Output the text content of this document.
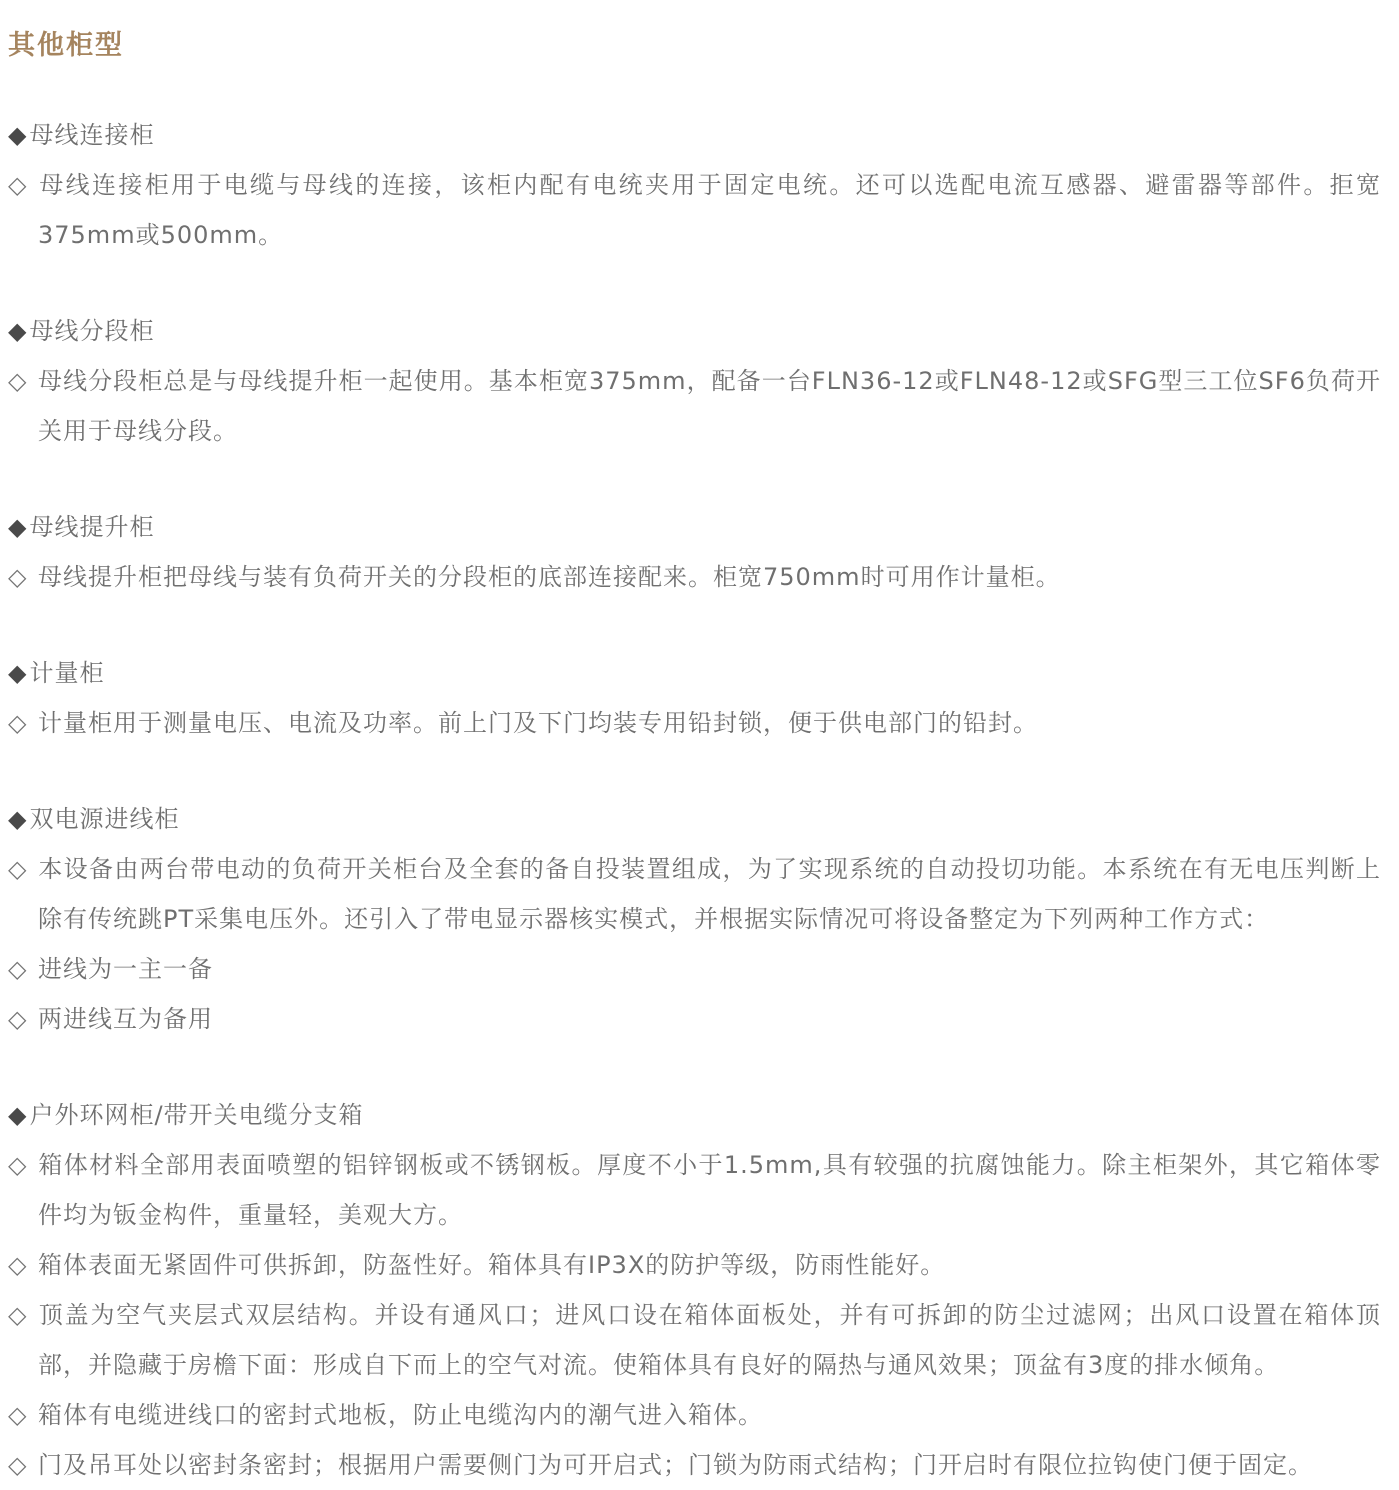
其他柜型
◆母线连接柜

◇ 母线连接柜用于电缆与母线的连接，该柜内配有电统夹用于固定电统。还可以选配电流互感器、避雷器等部件。拒宽375mm或500mm。

◆母线分段柜

◇ 母线分段柜总是与母线提升柜一起使用。基本柜宽375mm，配备一台FLN36-12或FLN48-12或SFG型三工位SF6负荷开关用于母线分段。

◆母线提升柜

◇ 母线提升柜把母线与装有负荷开关的分段柜的底部连接配来。柜宽750mm时可用作计量柜。

◆计量柜

◇ 计量柜用于测量电压、电流及功率。前上门及下门均装专用铅封锁，便于供电部门的铅封。

◆双电源进线柜

◇ 本设备由两台带电动的负荷开关柜台及全套的备自投装置组成，为了实现系统的自动投切功能。本系统在有无电压判断上除有传统跳PT采集电压外。还引入了带电显示器核实模式，并根据实际情况可将设备整定为下列两种工作方式：

◇ 进线为一主一备

◇ 两进线互为备用

◆户外环网柜/带开关电缆分支箱

◇ 箱体材料全部用表面喷塑的铝锌钢板或不锈钢板。厚度不小于1.5mm,具有较强的抗腐蚀能力。除主柜架外，其它箱体零件均为钣金构件，重量轻，美观大方。

◇ 箱体表面无紧固件可供拆卸，防盔性好。箱体具有IP3X的防护等级，防雨性能好。

◇ 顶盖为空气夹层式双层结构。并设有通风口；进风口设在箱体面板处，并有可拆卸的防尘过滤网；出风口设置在箱体顶部，并隐藏于房檐下面：形成自下而上的空气对流。使箱体具有良好的隔热与通风效果；顶盆有3度的排水倾角。

◇ 箱体有电缆进线口的密封式地板，防止电缆沟内的潮气进入箱体。

◇ 门及吊耳处以密封条密封；根据用户需要侧门为可开启式；门锁为防雨式结构；门开启时有限位拉钩使门便于固定。
